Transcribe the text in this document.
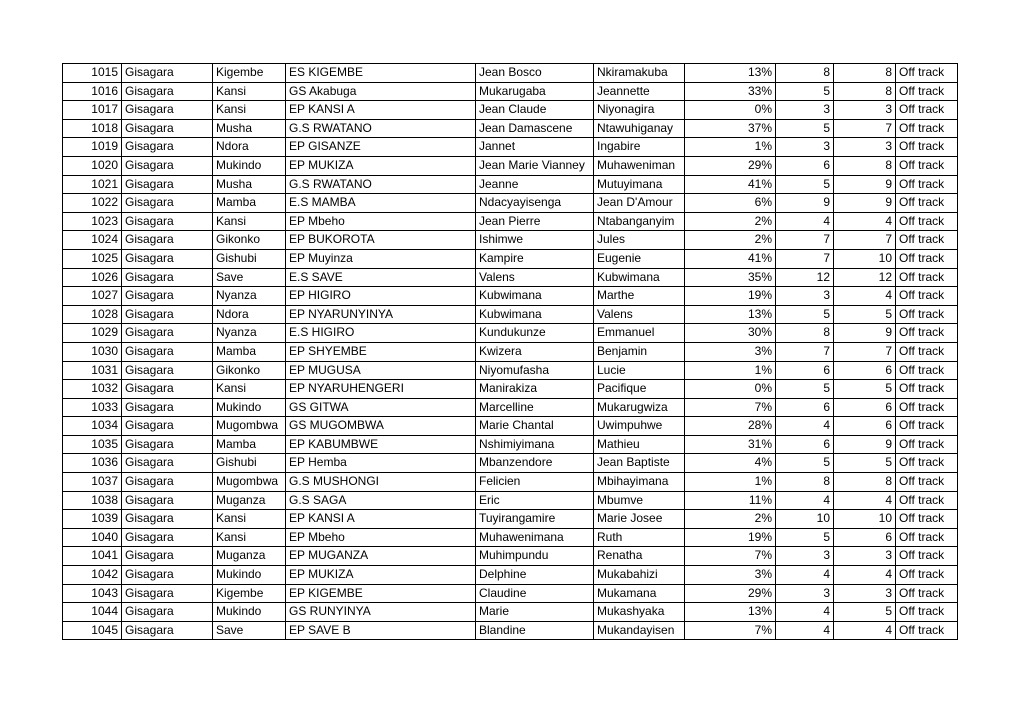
1015	Gisagara	Kigembe	ES KIGEMBE	Jean Bosco	Nkiramakuba	13%	8	8	Off track
1016	Gisagara	Kansi	GS Akabuga	Mukarugaba	Jeannette	33%	5	8	Off track
1017	Gisagara	Kansi	EP KANSI A	Jean Claude	Niyonagira	0%	3	3	Off track
1018	Gisagara	Musha	G.S RWATANO	Jean Damascene	Ntawuhiganay	37%	5	7	Off track
1019	Gisagara	Ndora	EP GISANZE	Jannet	Ingabire	1%	3	3	Off track
1020	Gisagara	Mukindo	EP MUKIZA	Jean Marie Vianney	Muhaweniman	29%	6	8	Off track
1021	Gisagara	Musha	G.S RWATANO	Jeanne	Mutuyimana	41%	5	9	Off track
1022	Gisagara	Mamba	E.S MAMBA	Ndacyayisenga	Jean D'Amour	6%	9	9	Off track
1023	Gisagara	Kansi	EP Mbeho	Jean Pierre	Ntabanganyim	2%	4	4	Off track
1024	Gisagara	Gikonko	EP BUKOROTA	Ishimwe	Jules	2%	7	7	Off track
1025	Gisagara	Gishubi	EP Muyinza	Kampire	Eugenie	41%	7	10	Off track
1026	Gisagara	Save	E.S SAVE	Valens	Kubwimana	35%	12	12	Off track
1027	Gisagara	Nyanza	EP HIGIRO	Kubwimana	Marthe	19%	3	4	Off track
1028	Gisagara	Ndora	EP NYARUNYINYA	Kubwimana	Valens	13%	5	5	Off track
1029	Gisagara	Nyanza	E.S HIGIRO	Kundukunze	Emmanuel	30%	8	9	Off track
1030	Gisagara	Mamba	EP SHYEMBE	Kwizera	Benjamin	3%	7	7	Off track
1031	Gisagara	Gikonko	EP MUGUSA	Niyomufasha	Lucie	1%	6	6	Off track
1032	Gisagara	Kansi	EP NYARUHENGERI	Manirakiza	Pacifique	0%	5	5	Off track
1033	Gisagara	Mukindo	GS GITWA	Marcelline	Mukarugwiza	7%	6	6	Off track
1034	Gisagara	Mugombwa	GS MUGOMBWA	Marie Chantal	Uwimpuhwe	28%	4	6	Off track
1035	Gisagara	Mamba	EP KABUMBWE	Nshimiyimana	Mathieu	31%	6	9	Off track
1036	Gisagara	Gishubi	EP Hemba	Mbanzendore	Jean Baptiste	4%	5	5	Off track
1037	Gisagara	Mugombwa	G.S MUSHONGI	Felicien	Mbihayimana	1%	8	8	Off track
1038	Gisagara	Muganza	G.S SAGA	Eric	Mbumve	11%	4	4	Off track
1039	Gisagara	Kansi	EP KANSI A	Tuyirangamire	Marie Josee	2%	10	10	Off track
1040	Gisagara	Kansi	EP Mbeho	Muhawenimana	Ruth	19%	5	6	Off track
1041	Gisagara	Muganza	EP MUGANZA	Muhimpundu	Renatha	7%	3	3	Off track
1042	Gisagara	Mukindo	EP MUKIZA	Delphine	Mukabahizi	3%	4	4	Off track
1043	Gisagara	Kigembe	EP KIGEMBE	Claudine	Mukamana	29%	3	3	Off track
1044	Gisagara	Mukindo	GS RUNYINYA	Marie	Mukashyaka	13%	4	5	Off track
1045	Gisagara	Save	EP SAVE B	Blandine	Mukandayisen	7%	4	4	Off track
